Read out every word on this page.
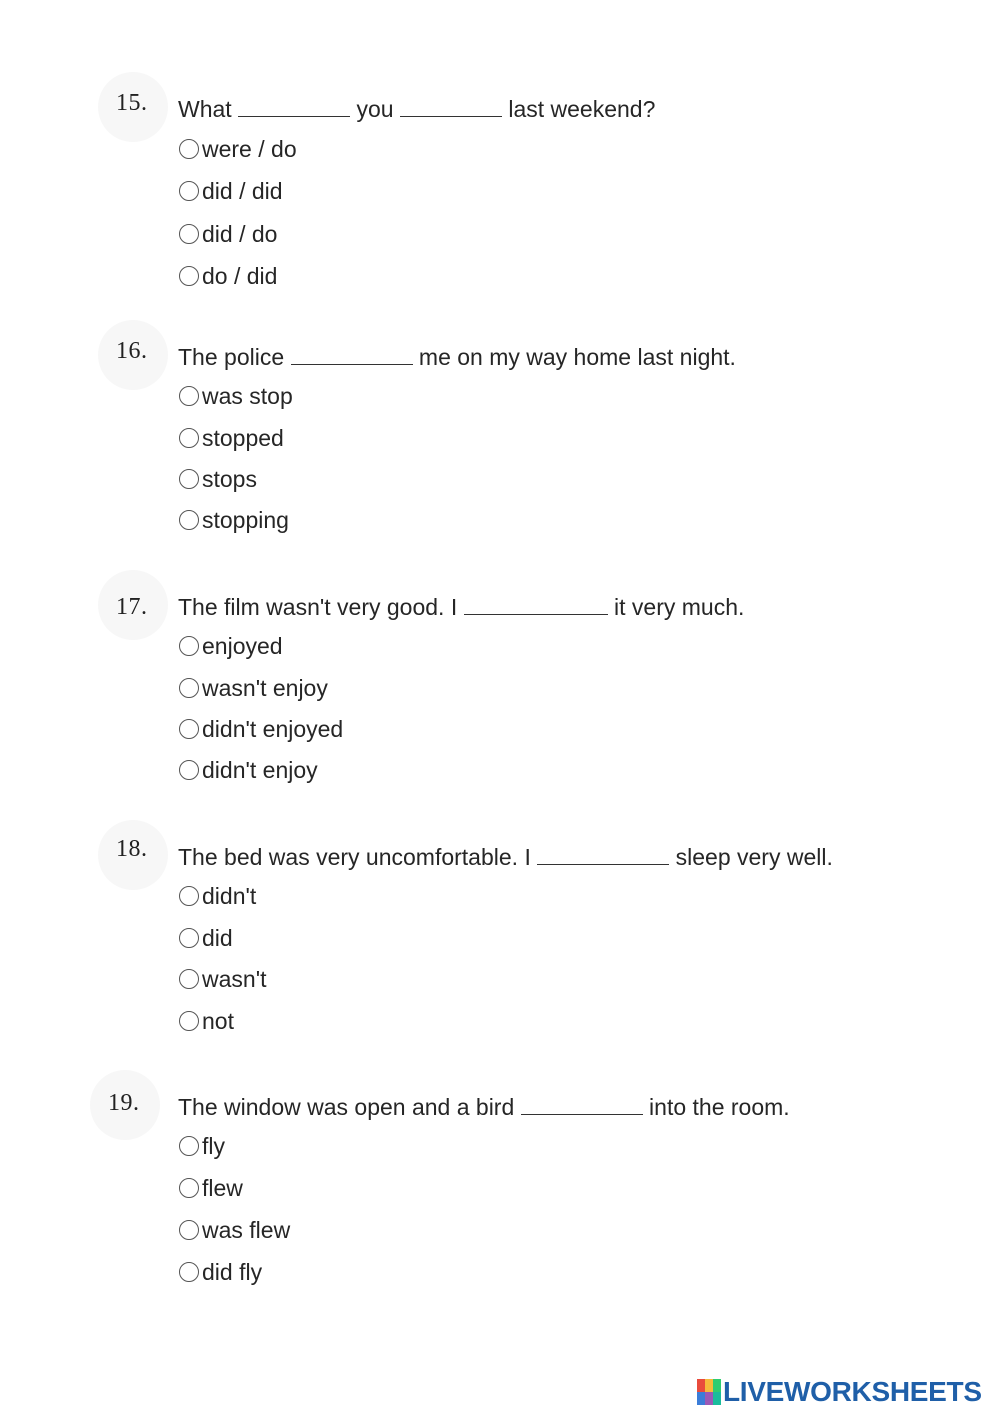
15. What	you	last weekend?
were / do
did / did
did / do
do / did
16. The police	me on my way home last night.
was stop
stopped
stops
stopping
17. The film wasn't very good. I	it very much.
enjoyed
wasn't enjoy
didn't enjoyed
didn't enjoy
18. The bed was very uncomfortable. I	sleep very well.
didn't
did
wasn't
not
19. The window was open and a bird	into the room.
fly
flew
was flew
did fly
LIVEWORKSHEETS
